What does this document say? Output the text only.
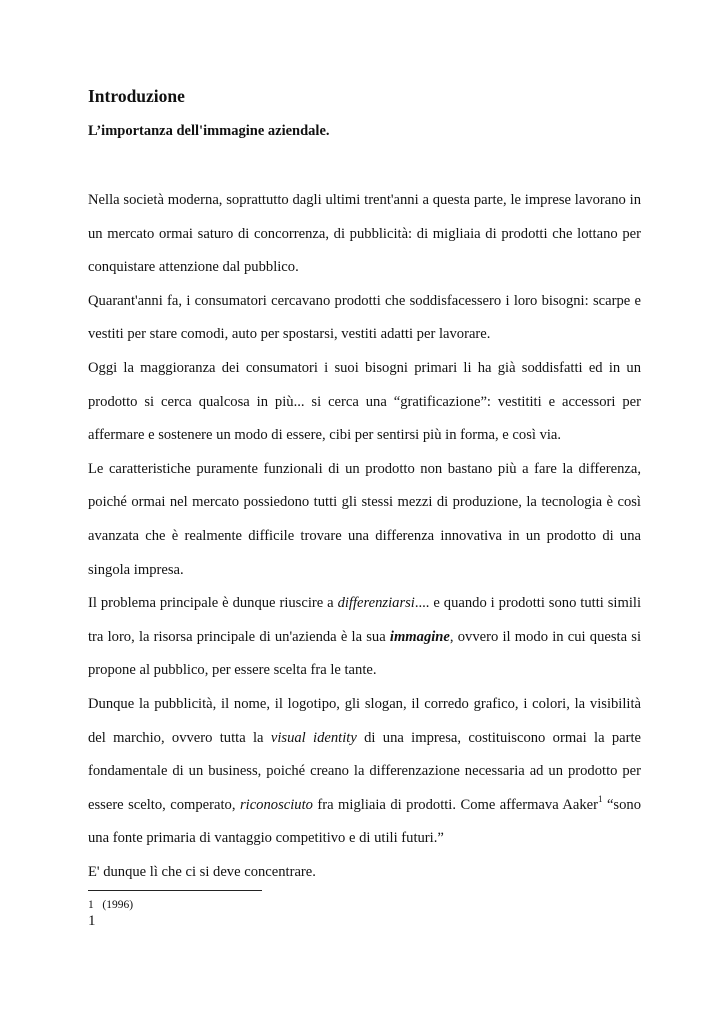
Introduzione
L’importanza dell'immagine aziendale.

Nella società moderna, soprattutto dagli ultimi trent'anni a questa parte, le imprese lavorano in un mercato ormai saturo di concorrenza, di pubblicità: di migliaia di prodotti che lottano per conquistare attenzione dal pubblico.

Quarant'anni fa, i consumatori cercavano prodotti che soddisfacessero i loro bisogni: scarpe e vestiti per stare comodi, auto per spostarsi, vestiti adatti per lavorare.

Oggi la maggioranza dei consumatori i suoi bisogni primari li ha già soddisfatti ed in un prodotto si cerca qualcosa in più... si cerca una “gratificazione”: vestititi e accessori per affermare e sostenere un modo di essere, cibi per sentirsi più in forma, e così via.

Le caratteristiche puramente funzionali di un prodotto non bastano più a fare la differenza, poiché ormai nel mercato possiedono tutti gli stessi mezzi di produzione, la tecnologia è così avanzata che è realmente difficile trovare una differenza innovativa in un prodotto di una singola impresa.

Il problema principale è dunque riuscire a differenziarsi.... e quando i prodotti sono tutti simili tra loro, la risorsa principale di un'azienda è la sua immagine, ovvero il modo in cui questa si propone al pubblico, per essere scelta fra le tante.

Dunque la pubblicità, il nome, il logotipo, gli slogan, il corredo grafico, i colori, la visibilità del marchio, ovvero tutta la visual identity di una impresa, costituiscono ormai la parte fondamentale di un business, poiché creano la differenzazione necessaria ad un prodotto per essere scelto, comperato, riconosciuto fra migliaia di prodotti. Come affermava Aaker$^1$ “sono una fonte primaria di vantaggio competitivo e di utili futuri.”

E' dunque lì che ci si deve concentrare.

1   (1996)
1
